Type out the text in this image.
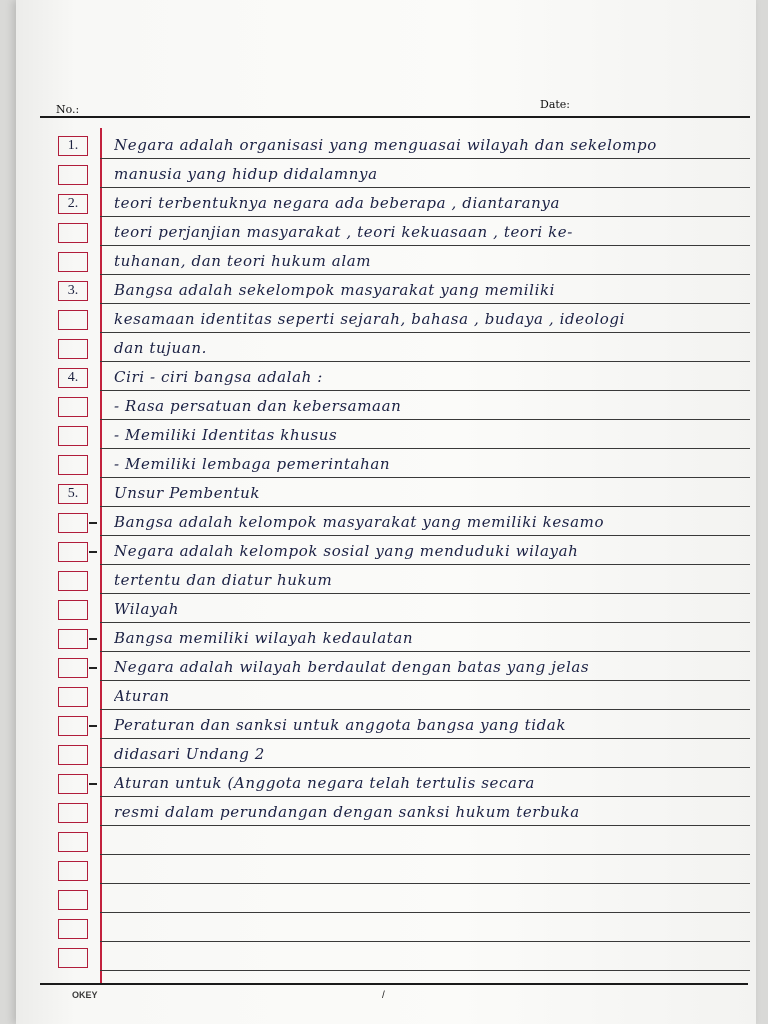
No.:	Date:
1.	Negara adalah organisasi yang menguasai wilayah dan sekelompo
manusia yang hidup didalamnya
2.	teori terbentuknya negara ada beberapa , diantaranya
teori perjanjian masyarakat , teori kekuasaan , teori ke-
tuhanan, dan teori hukum alam
3.	Bangsa adalah sekelompok masyarakat yang memiliki
kesamaan identitas seperti sejarah, bahasa , budaya , ideologi
dan tujuan.
4.	Ciri - ciri bangsa adalah :
- Rasa persatuan dan kebersamaan
- Memiliki Identitas khusus
- Memiliki lembaga pemerintahan
5.	Unsur Pembentuk
Bangsa adalah kelompok masyarakat yang memiliki kesamo
Negara adalah kelompok sosial yang menduduki wilayah
tertentu dan diatur hukum
Wilayah
Bangsa memiliki wilayah kedaulatan
Negara adalah wilayah berdaulat dengan batas yang jelas
Aturan
Peraturan dan sanksi untuk anggota bangsa yang tidak
didasari Undang 2
Aturan untuk (Anggota negara telah tertulis secara
resmi dalam perundangan dengan sanksi hukum terbuka
OKEY	/
